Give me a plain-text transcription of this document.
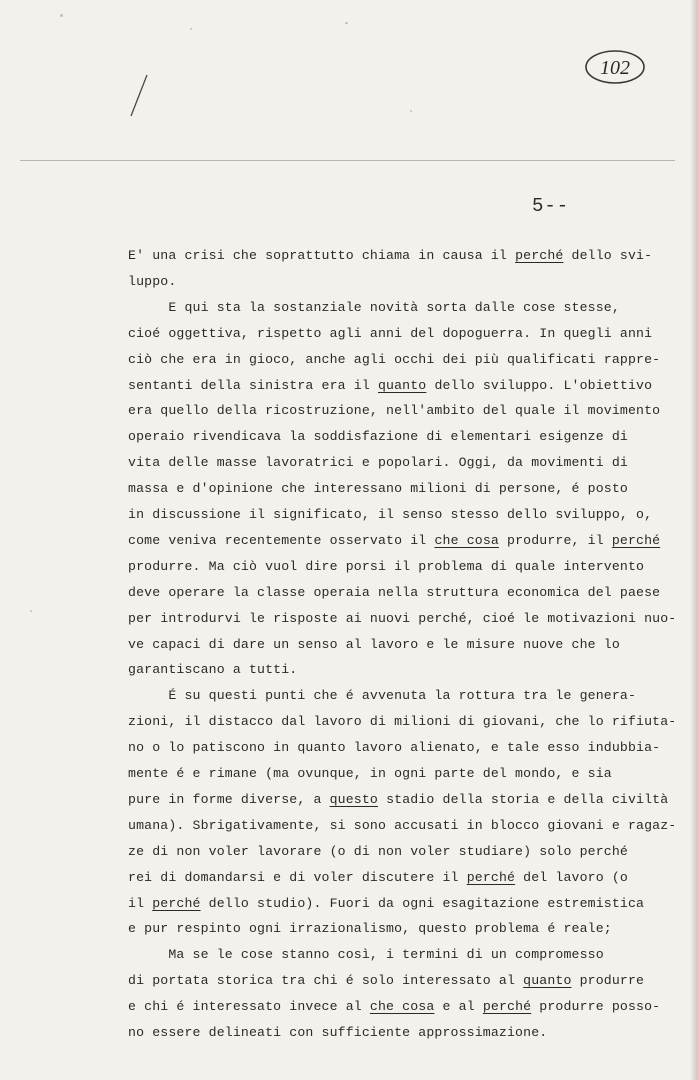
102
5--
E' una crisi che soprattutto chiama in causa il perché dello svi-
luppo.
E qui sta la sostanziale novità sorta dalle cose stesse,
cioé oggettiva, rispetto agli anni del dopoguerra. In quegli anni
ciò che era in gioco, anche agli occhi dei più qualificati rappre-
sentanti della sinistra era il quanto dello sviluppo. L'obiettivo
era quello della ricostruzione, nell'ambito del quale il movimento
operaio rivendicava la soddisfazione di elementari esigenze di
vita delle masse lavoratrici e popolari. Oggi, da movimenti di
massa e d'opinione che interessano milioni di persone, é posto
in discussione il significato, il senso stesso dello sviluppo, o,
come veniva recentemente osservato il che cosa produrre, il perché
produrre. Ma ciò vuol dire porsi il problema di quale intervento
deve operare la classe operaia nella struttura economica del paese
per introdurvi le risposte ai nuovi perché, cioé le motivazioni nuo-
ve capaci di dare un senso al lavoro e le misure nuove che lo
garantiscano a tutti.
É su questi punti che é avvenuta la rottura tra le genera-
zioni, il distacco dal lavoro di milioni di giovani, che lo rifiuta-
no o lo patiscono in quanto lavoro alienato, e tale esso indubbia-
mente é e rimane (ma ovunque, in ogni parte del mondo, e sia
pure in forme diverse, a questo stadio della storia e della civiltà
umana). Sbrigativamente, si sono accusati in blocco giovani e ragaz-
ze di non voler lavorare (o di non voler studiare) solo perché
rei di domandarsi e di voler discutere il perché del lavoro (o
il perché dello studio). Fuori da ogni esagitazione estremistica
e pur respinto ogni irrazionalismo, questo problema é reale;
Ma se le cose stanno così, i termini di un compromesso
di portata storica tra chi é solo interessato al quanto produrre
e chi é interessato invece al che cosa e al perché produrre posso-
no essere delineati con sufficiente approssimazione.
